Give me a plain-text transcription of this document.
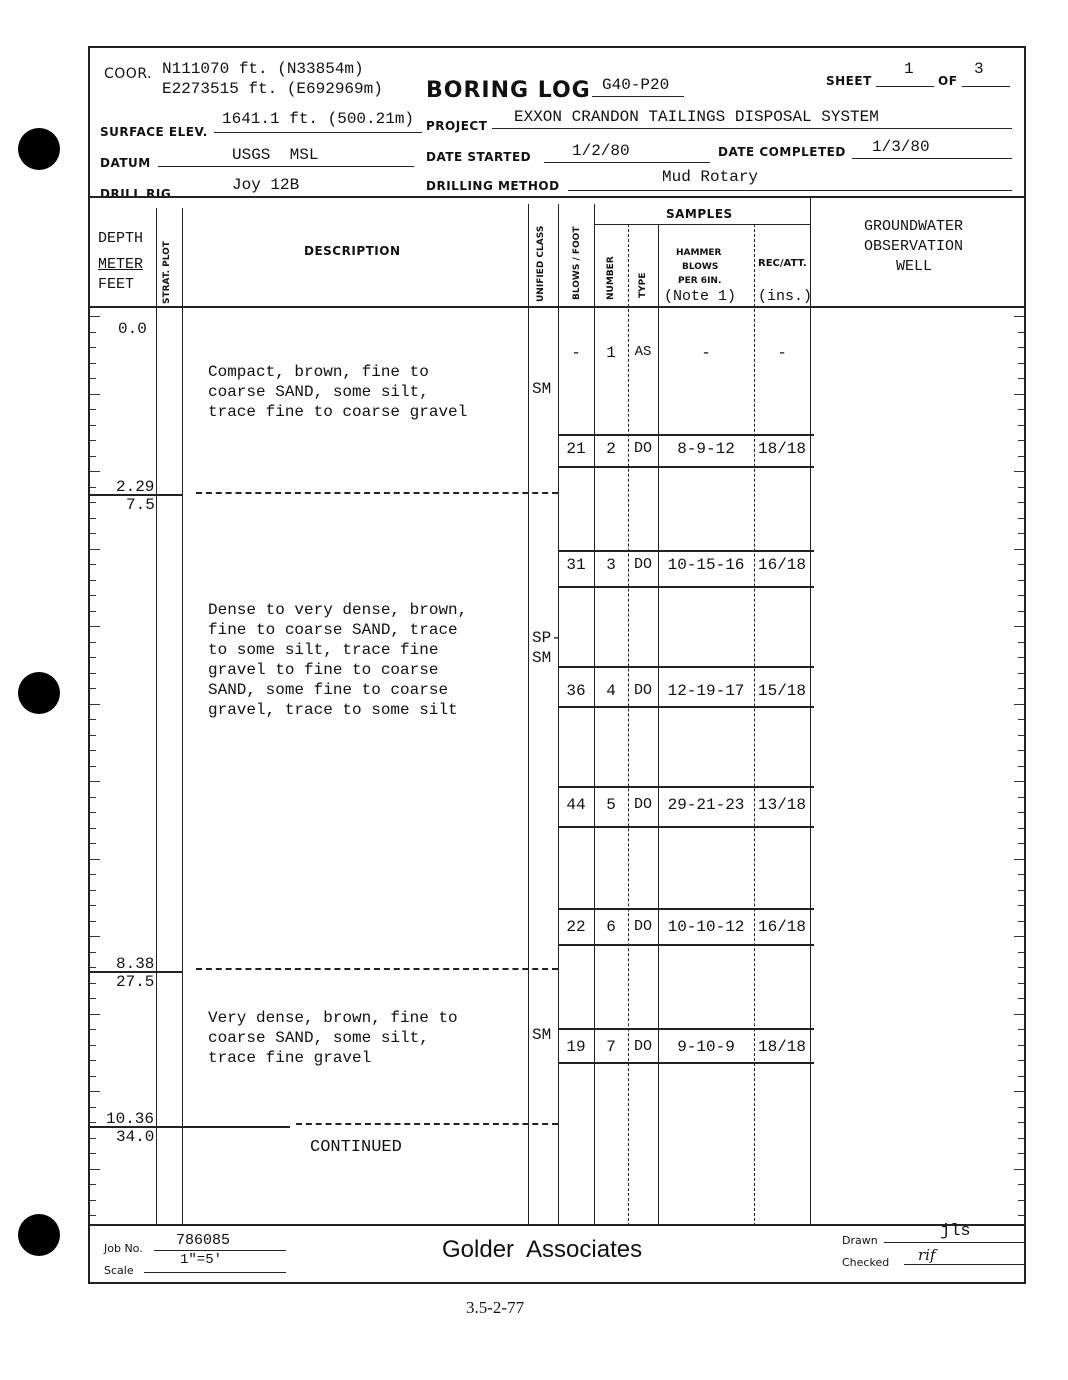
COOR. N111070 ft. (N33854m)
E2273515 ft. (E692969m) BORING LOG G40-P20	SHEET
1
OF
3
SURFACE ELEV.
1641.1 ft. (500.21m) PROJECT EXXON CRANDON TAILINGS DISPOSAL SYSTEM
DATUM	USGS  MSL	DATE STARTED	1/2/80	DATE COMPLETED 1/3/80
DRILL RIG	Joy 12B	DRILLING METHOD	Mud Rotary
DEPTH
METER
FEET	STRAT. PLOT	DESCRIPTION	UNIFIED CLASS	BLOWS / FOOT
SAMPLES
NUMBER TYPE
HAMMER
BLOWS
PER 6IN.
(Note 1)
REC/ATT.
(ins.)
GROUNDWATER
OBSERVATION
WELL
0.0
2.29
7.5
8.38
27.5
10.36
34.0
Compact, brown, fine to
coarse SAND, some silt,
trace fine to coarse gravel
SM
Dense to very dense, brown,
fine to coarse SAND, trace
to some silt, trace fine
gravel to fine to coarse
SAND, some fine to coarse
gravel, trace to some silt
SP-
SM
Very dense, brown, fine to
coarse SAND, some silt,
trace fine gravel
SM
CONTINUED
-	1	AS	-	-
21	2	DO	8-9-12	18/18
31	3	DO 10-15-16 16/18
36	4	DO 12-19-17 15/18
44	5	DO 29-21-23 13/18
22	6	DO 10-10-12 16/18
19	7	DO	9-10-9	18/18
Job No. 786085
Scale
1"=5'	Golder  Associates	Drawn	jls
Checked rif
3.5-2-77
